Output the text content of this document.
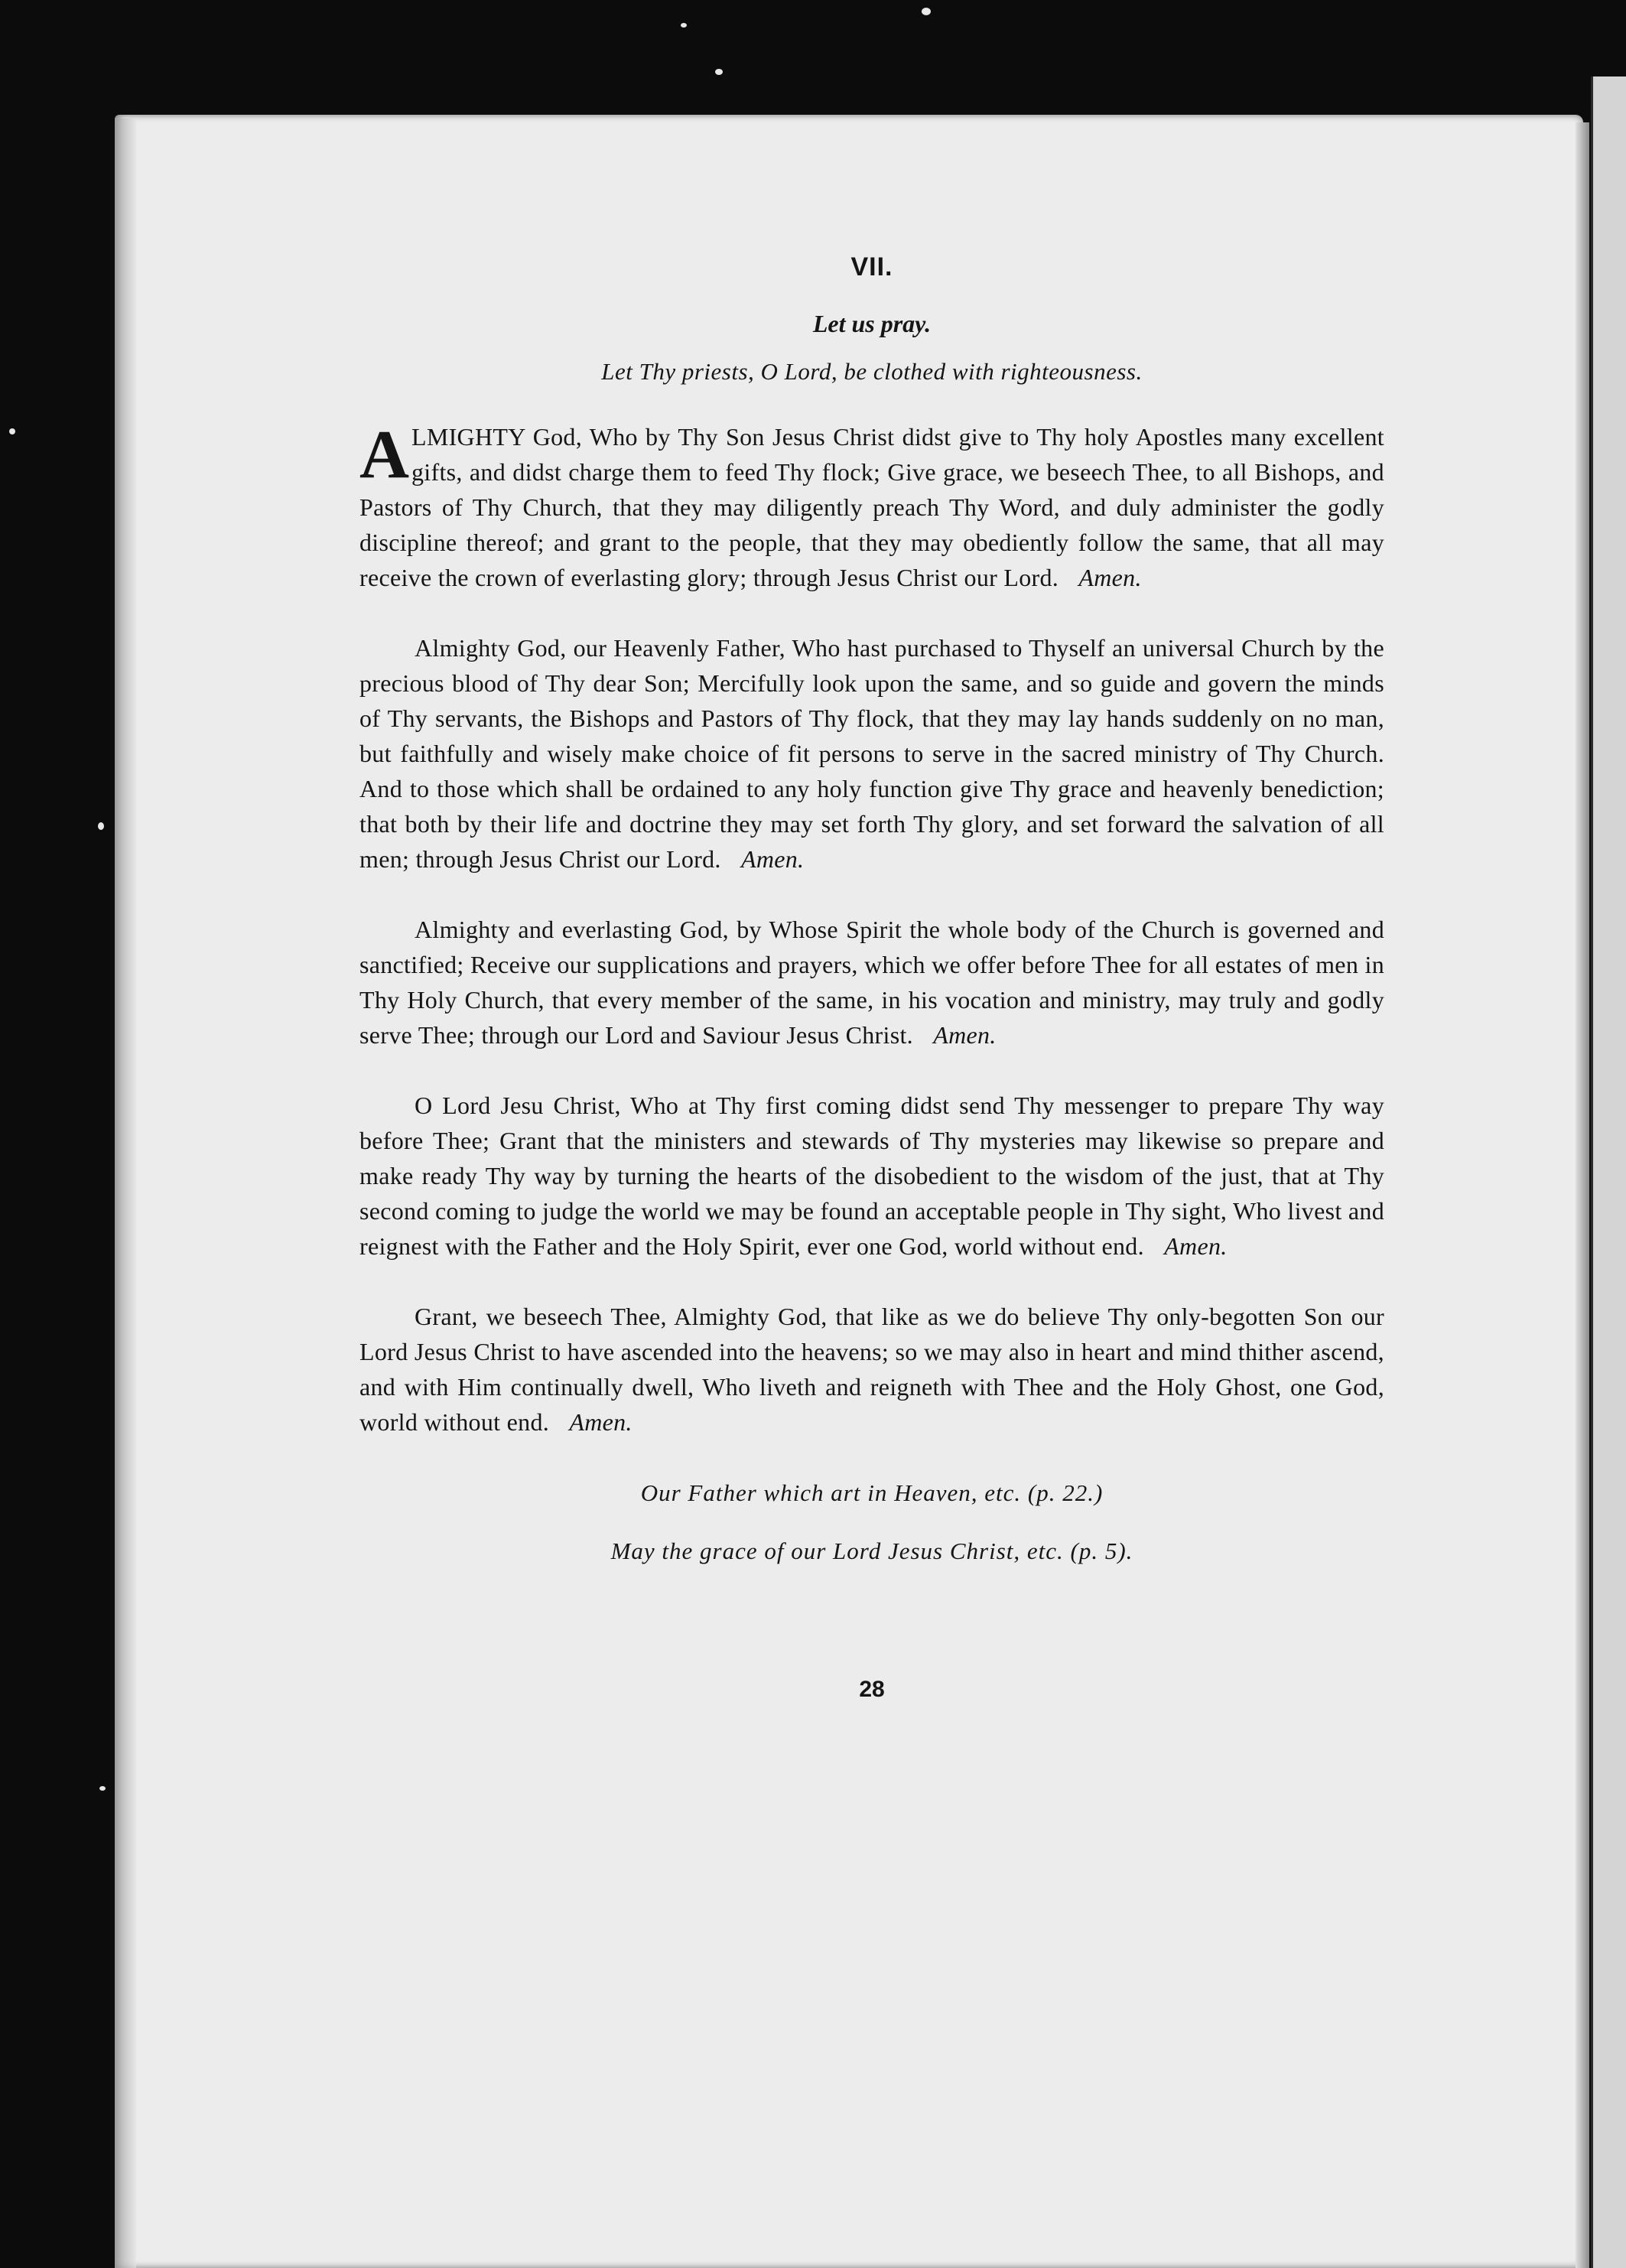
VII.

Let us pray.

Let Thy priests, O Lord, be clothed with righteousness.

A LMIGHTY God, Who by Thy Son Jesus Christ didst give to Thy holy Apostles many excellent gifts, and didst charge them to feed Thy flock; Give grace, we beseech Thee, to all Bishops, and Pastors of Thy Church, that they may diligently preach Thy Word, and duly administer the godly discipline thereof; and grant to the people, that they may obediently follow the same, that all may receive the crown of everlasting glory; through Jesus Christ our Lord. Amen.

Almighty God, our Heavenly Father, Who hast purchased to Thyself an universal Church by the precious blood of Thy dear Son; Mercifully look upon the same, and so guide and govern the minds of Thy servants, the Bishops and Pastors of Thy flock, that they may lay hands suddenly on no man, but faithfully and wisely make choice of fit persons to serve in the sacred ministry of Thy Church. And to those which shall be ordained to any holy function give Thy grace and heavenly benediction; that both by their life and doctrine they may set forth Thy glory, and set forward the salvation of all men; through Jesus Christ our Lord. Amen.

Almighty and everlasting God, by Whose Spirit the whole body of the Church is governed and sanctified; Receive our supplications and prayers, which we offer before Thee for all estates of men in Thy Holy Church, that every member of the same, in his vocation and ministry, may truly and godly serve Thee; through our Lord and Saviour Jesus Christ. Amen.

O Lord Jesu Christ, Who at Thy first coming didst send Thy messenger to prepare Thy way before Thee; Grant that the ministers and stewards of Thy mysteries may likewise so prepare and make ready Thy way by turning the hearts of the disobedient to the wisdom of the just, that at Thy second coming to judge the world we may be found an acceptable people in Thy sight, Who livest and reignest with the Father and the Holy Spirit, ever one God, world without end. Amen.

Grant, we beseech Thee, Almighty God, that like as we do believe Thy only-begotten Son our Lord Jesus Christ to have ascended into the heavens; so we may also in heart and mind thither ascend, and with Him continually dwell, Who liveth and reigneth with Thee and the Holy Ghost, one God, world without end. Amen.

Our Father which art in Heaven, etc. (p. 22.)

May the grace of our Lord Jesus Christ, etc. (p. 5).

28
